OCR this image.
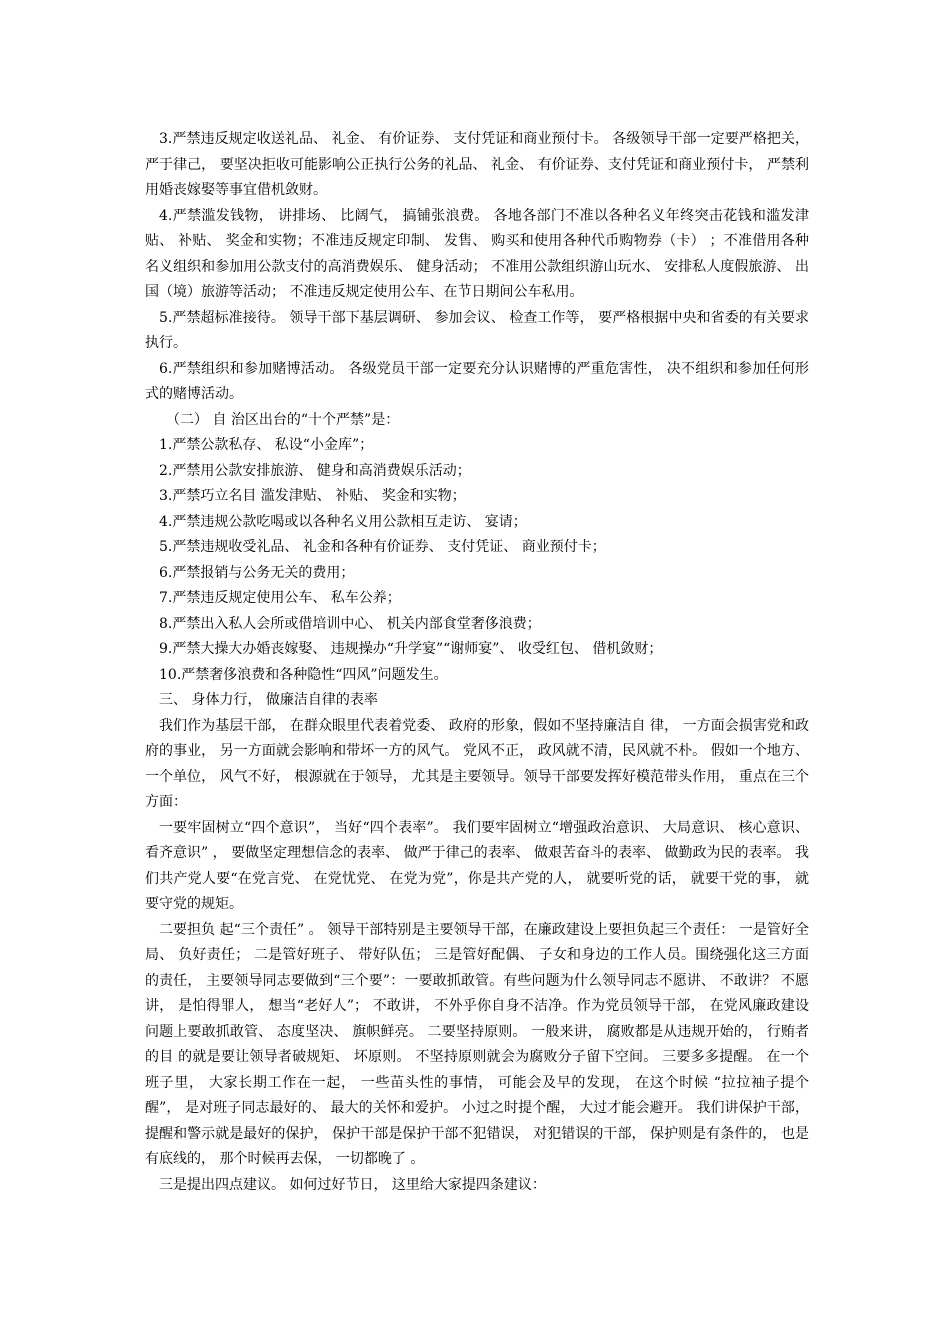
3.严禁违反规定收送礼品、 礼金、 有价证券、 支付凭证和商业预付卡。 各级领导干部一定要严格把关， 严于律己， 要坚决拒收可能影响公正执行公务的礼品、 礼金、 有价证券、支付凭证和商业预付卡， 严禁利用婚丧嫁娶等事宜借机敛财。

4.严禁滥发钱物， 讲排场、 比阔气， 搞铺张浪费。 各地各部门不准以各种名义年终突击花钱和滥发津贴、 补贴、 奖金和实物；不准违反规定印制、 发售、 购买和使用各种代币购物券（卡） ；不准借用各种名义组织和参加用公款支付的高消费娱乐、 健身活动； 不准用公款组织游山玩水、 安排私人度假旅游、 出国（境）旅游等活动； 不准违反规定使用公车、在节日期间公车私用。

5.严禁超标准接待。 领导干部下基层调研、 参加会议、 检查工作等， 要严格根据中央和省委的有关要求执行。

6.严禁组织和参加赌博活动。 各级党员干部一定要充分认识赌博的严重危害性， 决不组织和参加任何形式的赌博活动。

（二） 自 治区出台的“十个严禁”是：

1.严禁公款私存、 私设“小金库”；

2.严禁用公款安排旅游、 健身和高消费娱乐活动；

3.严禁巧立名目 滥发津贴、 补贴、 奖金和实物；

4.严禁违规公款吃喝或以各种名义用公款相互走访、 宴请；

5.严禁违规收受礼品、 礼金和各种有价证券、 支付凭证、 商业预付卡；

6.严禁报销与公务无关的费用；

7.严禁违反规定使用公车、 私车公养；

8.严禁出入私人会所或借培训中心、 机关内部食堂奢侈浪费；

9.严禁大操大办婚丧嫁娶、 违规操办“升学宴”“谢师宴”、 收受红包、 借机敛财；

10.严禁奢侈浪费和各种隐性“四风”问题发生。

三、 身体力行， 做廉洁自律的表率

我们作为基层干部， 在群众眼里代表着党委、 政府的形象，假如不坚持廉洁自 律， 一方面会损害党和政府的事业， 另一方面就会影响和带坏一方的风气。 党风不正， 政风就不清，民风就不朴。 假如一个地方、 一个单位， 风气不好， 根源就在于领导， 尤其是主要领导。领导干部要发挥好模范带头作用， 重点在三个方面：

一要牢固树立“四个意识”， 当好“四个表率”。 我们要牢固树立“增强政治意识、 大局意识、 核心意识、 看齐意识” ， 要做坚定理想信念的表率、 做严于律己的表率、 做艰苦奋斗的表率、 做勤政为民的表率。 我们共产党人要“在党言党、 在党忧党、 在党为党”，你是共产党的人， 就要听党的话， 就要干党的事， 就要守党的规矩。

二要担负 起“三个责任” 。 领导干部特别是主要领导干部，在廉政建设上要担负起三个责任： 一是管好全局、 负好责任； 二是管好班子、 带好队伍； 三是管好配偶、 子女和身边的工作人员。围绕强化这三方面的责任， 主要领导同志要做到“三个要”：一要敢抓敢管。有些问题为什么领导同志不愿讲、 不敢讲？ 不愿讲， 是怕得罪人， 想当“老好人”； 不敢讲， 不外乎你自身不洁净。作为党员领导干部， 在党风廉政建设问题上要敢抓敢管、 态度坚决、 旗帜鲜亮。 二要坚持原则。 一般来讲， 腐败都是从违规开始的， 行贿者的目 的就是要让领导者破规矩、 坏原则。 不坚持原则就会为腐败分子留下空间。 三要多多提醒。 在一个班子里， 大家长期工作在一起， 一些苗头性的事情， 可能会及早的发现， 在这个时候 “拉拉袖子提个醒”， 是对班子同志最好的、 最大的关怀和爱护。 小过之时提个醒， 大过才能会避开。 我们讲保护干部， 提醒和警示就是最好的保护， 保护干部是保护干部不犯错误， 对犯错误的干部， 保护则是有条件的， 也是有底线的， 那个时候再去保， 一切都晚了 。

三是提出四点建议。 如何过好节日， 这里给大家提四条建议：
